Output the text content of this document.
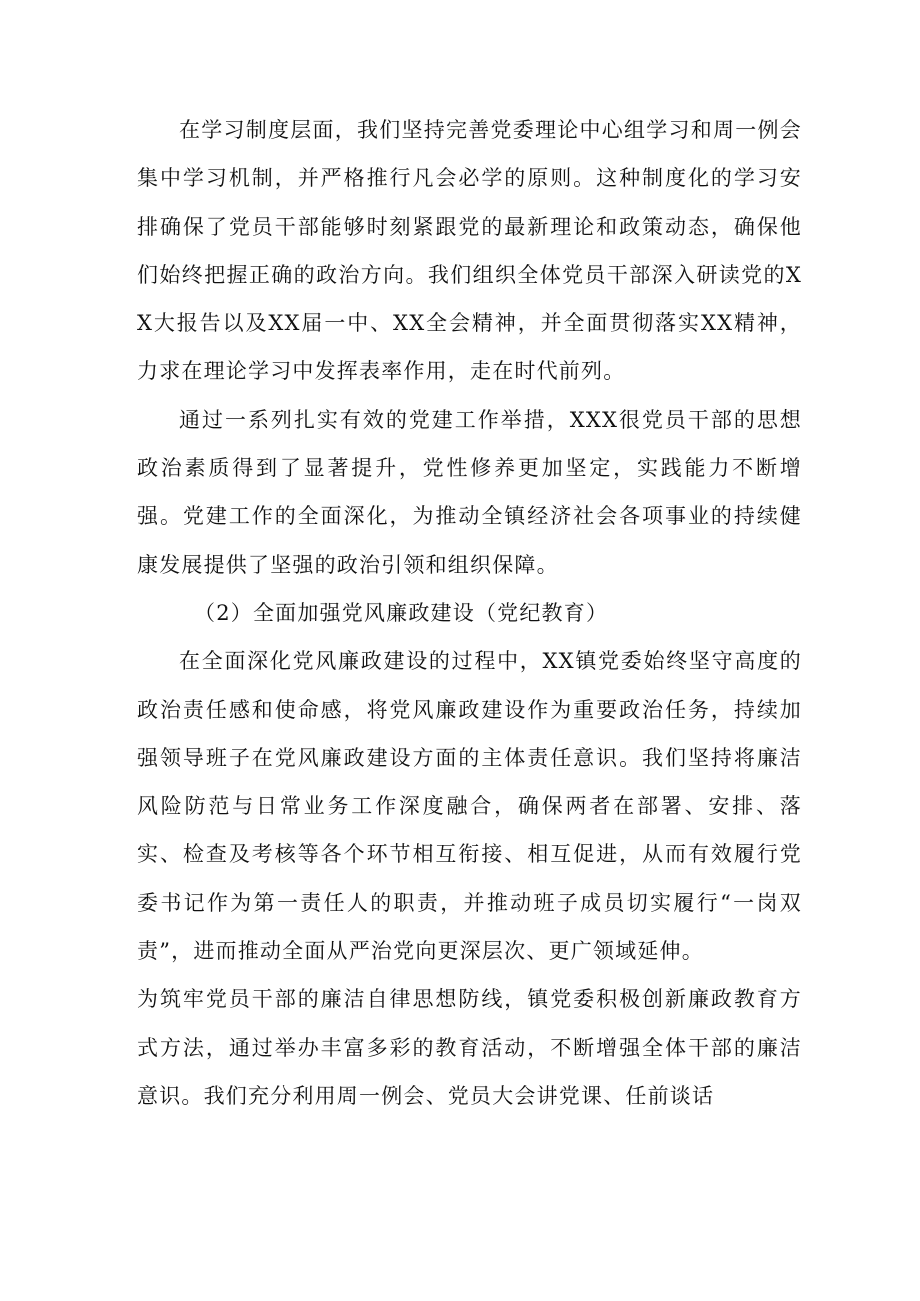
在学习制度层面，我们坚持完善党委理论中心组学习和周一例会集中学习机制，并严格推行凡会必学的原则。这种制度化的学习安排确保了党员干部能够时刻紧跟党的最新理论和政策动态，确保他们始终把握正确的政治方向。我们组织全体党员干部深入研读党的XX大报告以及XX届一中、XX全会精神，并全面贯彻落实XX精神，力求在理论学习中发挥表率作用，走在时代前列。

通过一系列扎实有效的党建工作举措，XXX很党员干部的思想政治素质得到了显著提升，党性修养更加坚定，实践能力不断增强。党建工作的全面深化，为推动全镇经济社会各项事业的持续健康发展提供了坚强的政治引领和组织保障。

（2）全面加强党风廉政建设（党纪教育）

在全面深化党风廉政建设的过程中，XX镇党委始终坚守高度的政治责任感和使命感，将党风廉政建设作为重要政治任务，持续加强领导班子在党风廉政建设方面的主体责任意识。我们坚持将廉洁风险防范与日常业务工作深度融合，确保两者在部署、安排、落实、检查及考核等各个环节相互衔接、相互促进，从而有效履行党委书记作为第一责任人的职责，并推动班子成员切实履行“一岗双责”，进而推动全面从严治党向更深层次、更广领域延伸。

为筑牢党员干部的廉洁自律思想防线，镇党委积极创新廉政教育方式方法，通过举办丰富多彩的教育活动，不断增强全体干部的廉洁意识。我们充分利用周一例会、党员大会讲党课、任前谈话
